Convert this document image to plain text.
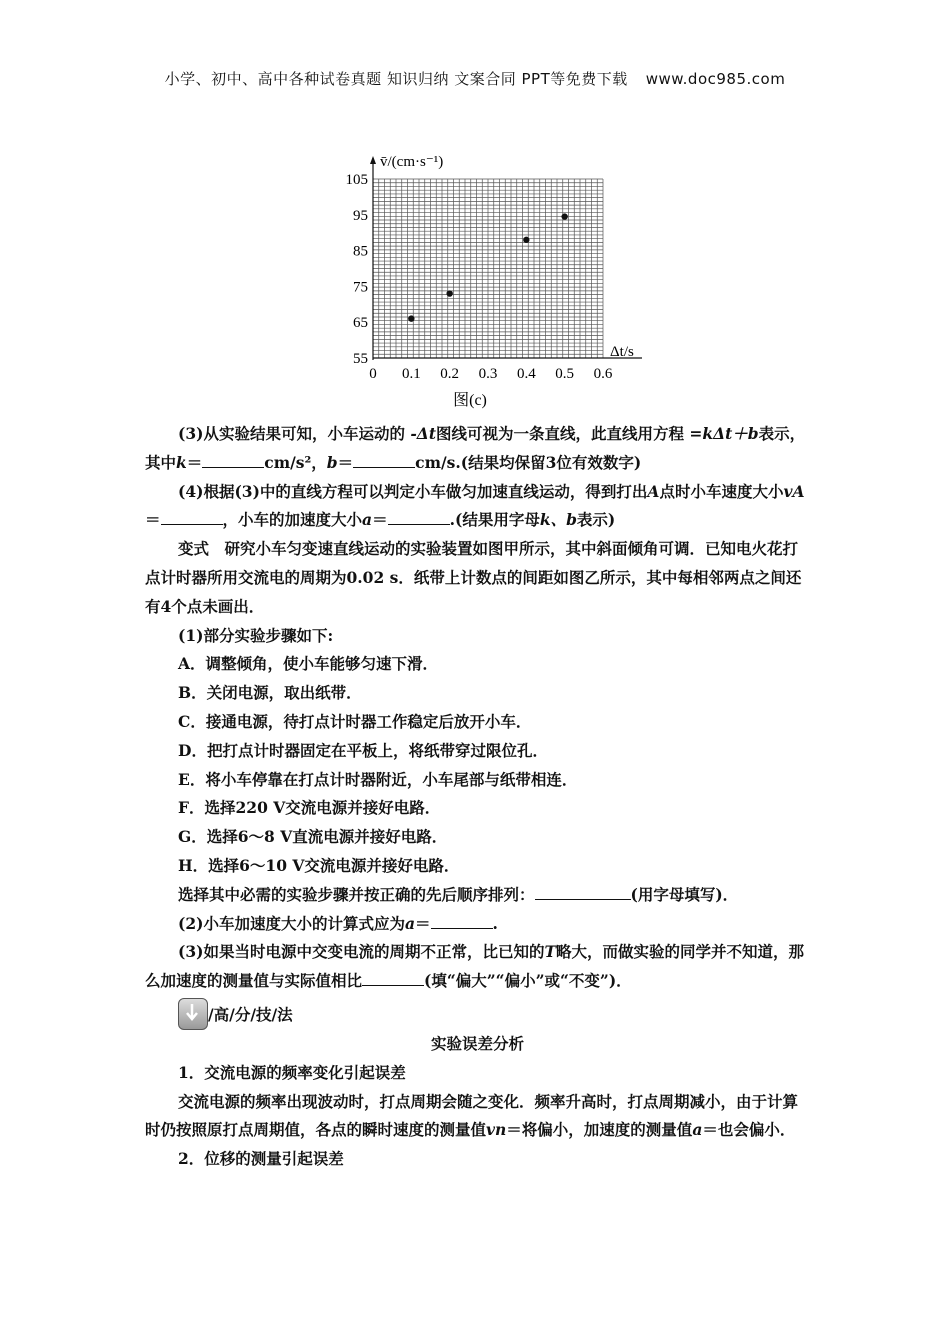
小学、初中、高中各种试卷真题 知识归纳 文案合同 PPT等免费下载 www.doc985.com
55
65
75
85
95
105
0 0.1 0.2 0.3 0.4 0.5 0.6
v̄/(cm·s⁻¹)
Δt/s
图(c)

(3)从实验结果可知，小车运动的 -Δt图线可视为一条直线，此直线用方程 =kΔt＋b表示，其中k＝	cm/s²，b＝	cm/s.(结果均保留3位有效数字)

(4)根据(3)中的直线方程可以判定小车做匀加速直线运动，得到打出A点时小车速度大小vA＝	，小车的加速度大小a＝	.(结果用字母k、b表示)

变式　研究小车匀变速直线运动的实验装置如图甲所示，其中斜面倾角可调．已知电火花打点计时器所用交流电的周期为0.02 s．纸带上计数点的间距如图乙所示，其中每相邻两点之间还有4个点未画出．

(1)部分实验步骤如下:

A．调整倾角，使小车能够匀速下滑．

B．关闭电源，取出纸带．

C．接通电源，待打点计时器工作稳定后放开小车．

D．把打点计时器固定在平板上，将纸带穿过限位孔．

E．将小车停靠在打点计时器附近，小车尾部与纸带相连．

F．选择220 V交流电源并接好电路．

G．选择6～8 V直流电源并接好电路．

H．选择6～10 V交流电源并接好电路．

选择其中必需的实验步骤并按正确的先后顺序排列：	(用字母填写)．

(2)小车加速度大小的计算式应为a＝	.

(3)如果当时电源中交变电流的周期不正常，比已知的T略大，而做实验的同学并不知道，那么加速度的测量值与实际值相比	(填“偏大”“偏小”或“不变”)．

/高/分/技/法

实验误差分析

1．交流电源的频率变化引起误差

交流电源的频率出现波动时，打点周期会随之变化．频率升高时，打点周期减小，由于计算时仍按照原打点周期值，各点的瞬时速度的测量值vn＝将偏小，加速度的测量值a＝也会偏小．

2．位移的测量引起误差
